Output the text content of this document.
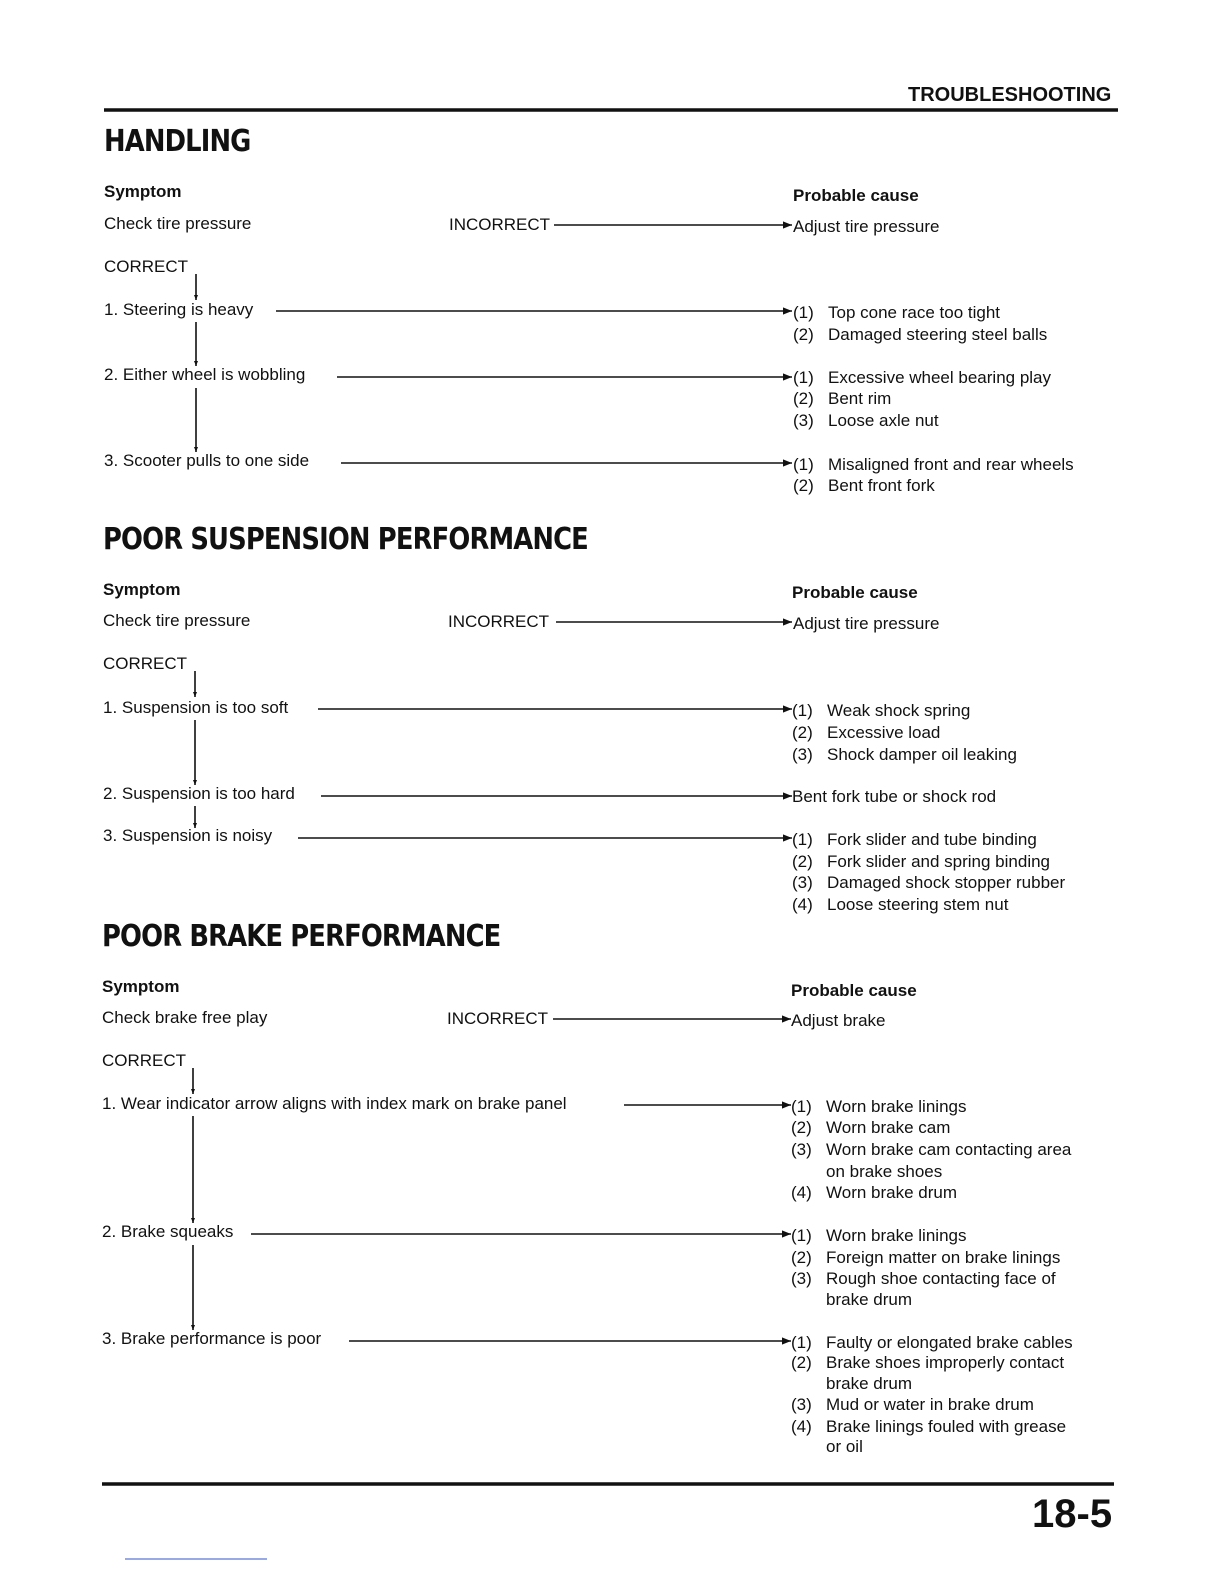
TROUBLESHOOTING
HANDLING
Symptom	Probable cause
Check tire pressure	INCORRECT	Adjust tire pressure
CORRECT
1. Steering is heavy	(1) Top cone race too tight
(2) Damaged steering steel balls
2. Either wheel is wobbling	(1) Excessive wheel bearing play
(2) Bent rim
(3) Loose axle nut
3. Scooter pulls to one side	(1) Misaligned front and rear wheels
(2) Bent front fork
POOR SUSPENSION PERFORMANCE
Symptom	Probable cause
Check tire pressure	INCORRECT	Adjust tire pressure
CORRECT
1. Suspension is too soft	(1) Weak shock spring
(2) Excessive load
(3) Shock damper oil leaking
2. Suspension is too hard	Bent fork tube or shock rod
3. Suspension is noisy	(1) Fork slider and tube binding
(2) Fork slider and spring binding
(3) Damaged shock stopper rubber
(4) Loose steering stem nut
POOR BRAKE PERFORMANCE
Symptom	Probable cause
Check brake free play	INCORRECT	Adjust brake
CORRECT
1. Wear indicator arrow aligns with index mark on brake panel	(1) Worn brake linings
(2) Worn brake cam
(3) Worn brake cam contacting area
on brake shoes
(4) Worn brake drum
2. Brake squeaks	(1) Worn brake linings
(2) Foreign matter on brake linings
(3) Rough shoe contacting face of
brake drum
3. Brake performance is poor	(1) Faulty or elongated brake cables
(2) Brake shoes improperly contact
brake drum
(3) Mud or water in brake drum
(4) Brake linings fouled with grease
or oil
18-5
